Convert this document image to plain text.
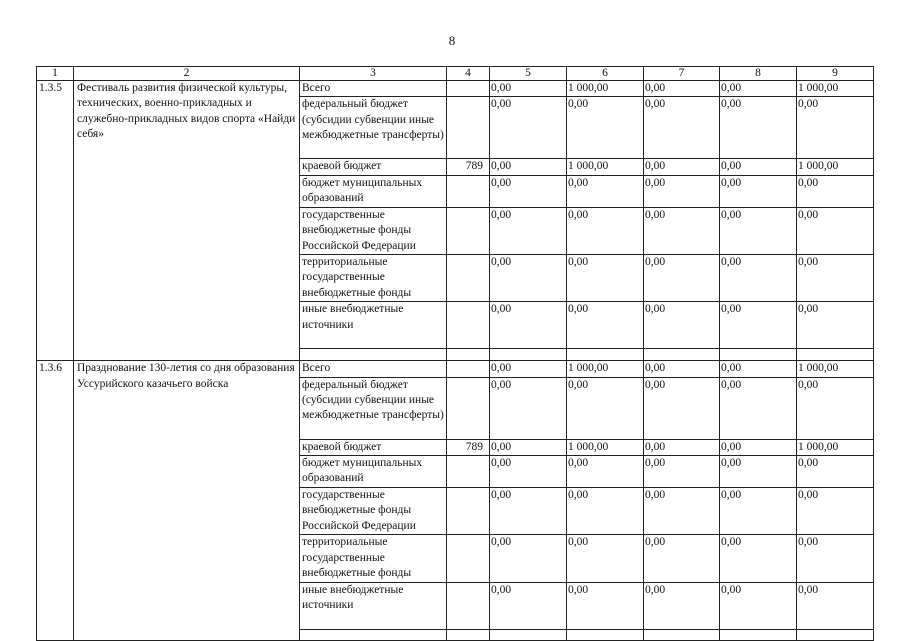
8
1	2	3	4	5	6	7	8	9
1.3.5	Фестиваль развития физической культуры, технических, военно-прикладных и служебно-прикладных видов спорта «Найди себя»	Всего		0,00	1 000,00	0,00	0,00	1 000,00
		федеральный бюджет (субсидии субвенции иные межбюджетные трансферты)		0,00	0,00	0,00	0,00	0,00
		краевой бюджет	789	0,00	1 000,00	0,00	0,00	1 000,00
		бюджет муниципальных образований		0,00	0,00	0,00	0,00	0,00
		государственные внебюджетные фонды Российской Федерации		0,00	0,00	0,00	0,00	0,00
		территориальные государственные внебюджетные фонды		0,00	0,00	0,00	0,00	0,00
		иные внебюджетные источники		0,00	0,00	0,00	0,00	0,00

1.3.6	Празднование 130-летия со дня образования Уссурийского казачьего войска	Всего		0,00	1 000,00	0,00	0,00	1 000,00
		федеральный бюджет (субсидии субвенции иные межбюджетные трансферты)		0,00	0,00	0,00	0,00	0,00
		краевой бюджет	789	0,00	1 000,00	0,00	0,00	1 000,00
		бюджет муниципальных образований		0,00	0,00	0,00	0,00	0,00
		государственные внебюджетные фонды Российской Федерации		0,00	0,00	0,00	0,00	0,00
		территориальные государственные внебюджетные фонды		0,00	0,00	0,00	0,00	0,00
		иные внебюджетные источники		0,00	0,00	0,00	0,00	0,00
